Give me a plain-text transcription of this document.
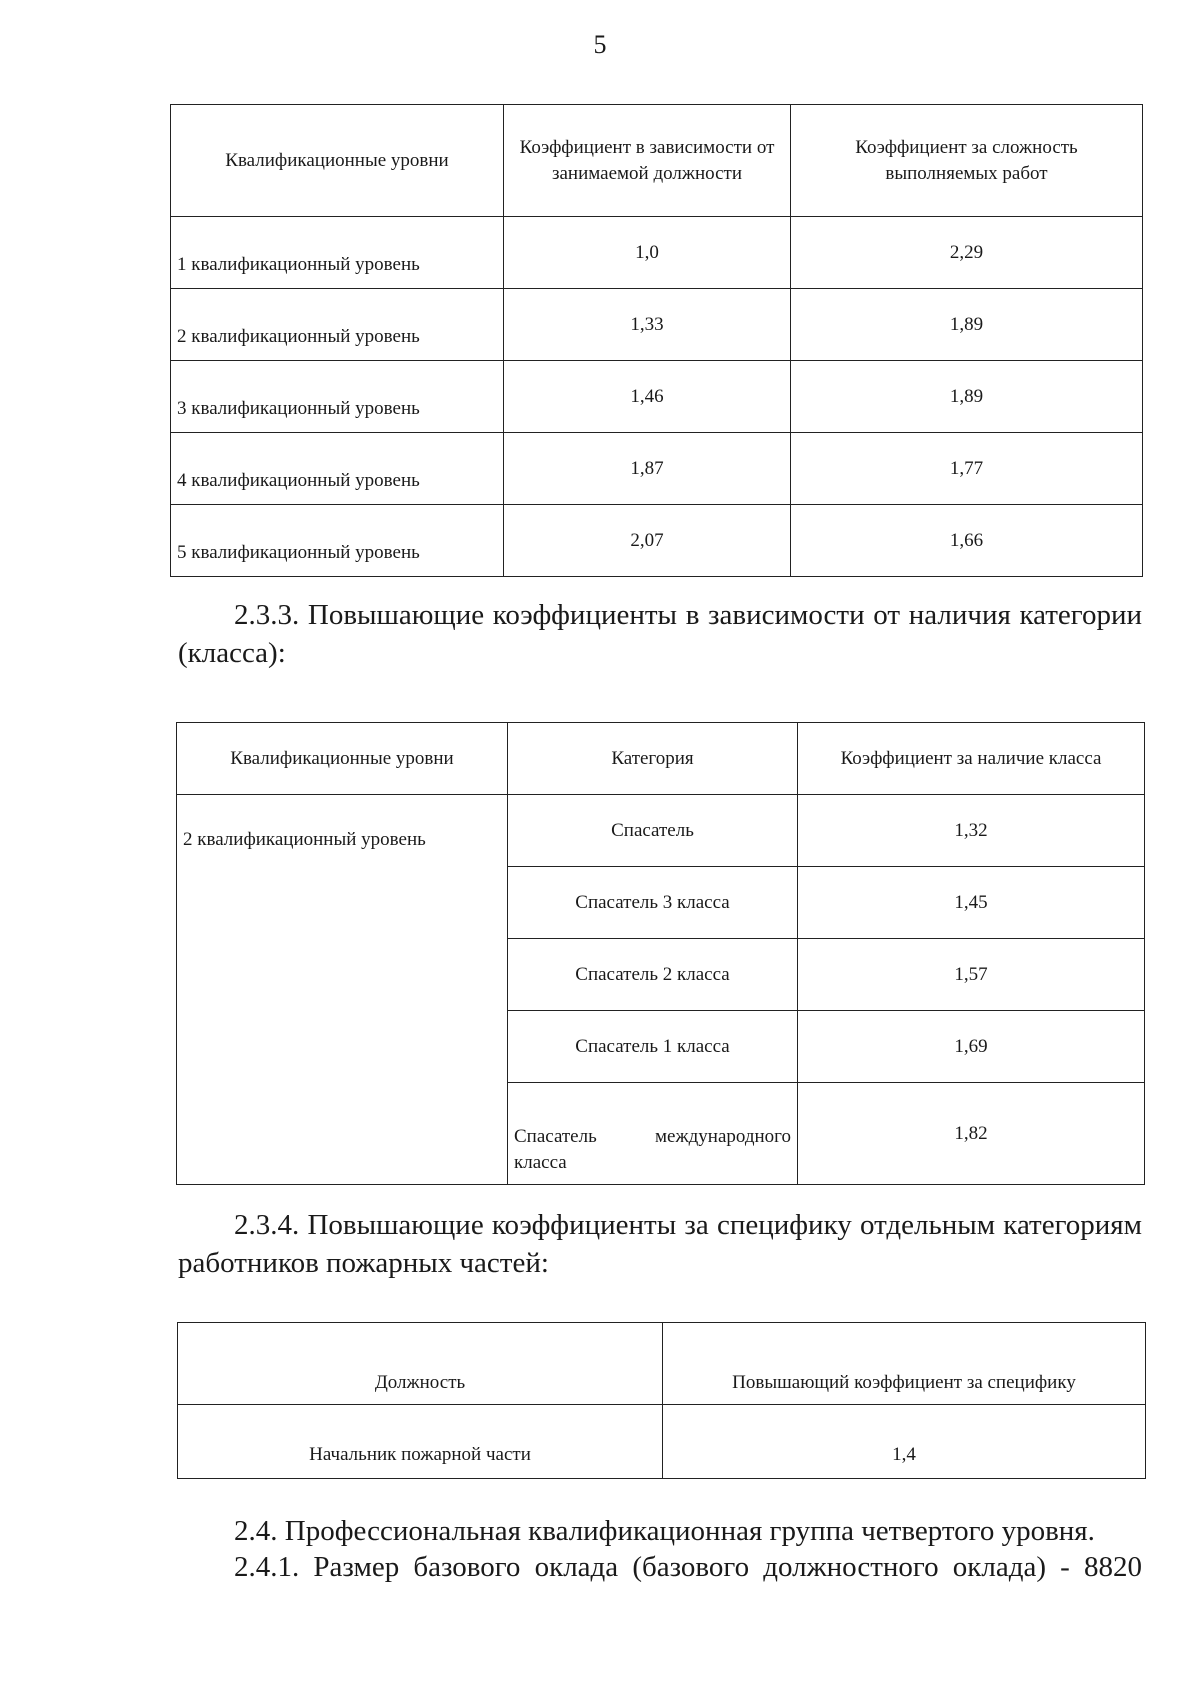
5
Квалификационные уровни	Коэффициент в зависимости от занимаемой должности	Коэффициент за сложность выполняемых работ
1 квалификационный уровень	1,0	2,29
2 квалификационный уровень	1,33	1,89
3 квалификационный уровень	1,46	1,89
4 квалификационный уровень	1,87	1,77
5 квалификационный уровень	2,07	1,66

2.3.3. Повышающие коэффициенты в зависимости от наличия категории (класса):

Квалификационные уровни	Категория	Коэффициент за наличие класса
2 квалификационный уровень	Спасатель	1,32
	Спасатель 3 класса	1,45
	Спасатель 2 класса	1,57
	Спасатель 1 класса	1,69
	Спасатель международного класса	1,82

2.3.4. Повышающие коэффициенты за специфику отдельным категориям работников пожарных частей:

Должность	Повышающий коэффициент за специфику
Начальник пожарной части	1,4

2.4. Профессиональная квалификационная группа четвертого уровня.

2.4.1. Размер базового оклада (базового должностного оклада) - 8820
